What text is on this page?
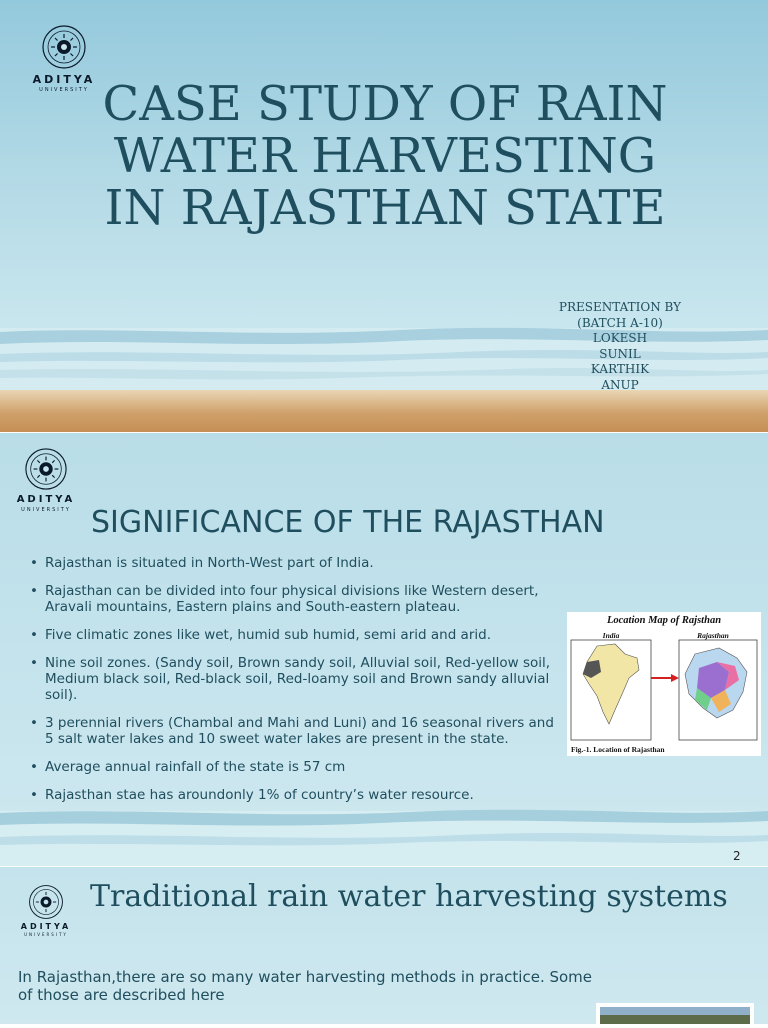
ADITYA
UNIVERSITY CASE STUDY OF RAIN
WATER HARVESTING
IN RAJASTHAN STATE
PRESENTATION BY
(BATCH A-10)
LOKESH
SUNIL
KARTHIK
ANUP
ADITYA
UNIVERSITY SIGNIFICANCE OF THE RAJASTHAN
• Rajasthan is situated in North-West part of India.
• Rajasthan can be divided into four physical divisions like Western desert, Aravali mountains, Eastern plains and South-eastern plateau.
• Five climatic zones like wet, humid sub humid, semi arid and arid.
• Nine soil zones. (Sandy soil, Brown sandy soil, Alluvial soil, Red-yellow soil, Medium black soil, Red-black soil, Red-loamy soil and Brown sandy alluvial soil).
• 3 perennial rivers (Chambal and Mahi and Luni) and 16 seasonal rivers and 5 salt water lakes and 10 sweet water lakes are present in the state.
• Average annual rainfall of the state is 57 cm
• Rajasthan stae has aroundonly 1% of country’s water resource.
Location Map of Rajsthan
India	Rajasthan
Fig.-1. Location of Rajasthan
2
ADITYA
UNIVERSITY
Traditional rain water harvesting systems
In Rajasthan,there are so many water harvesting methods in practice. Some of those are described here
